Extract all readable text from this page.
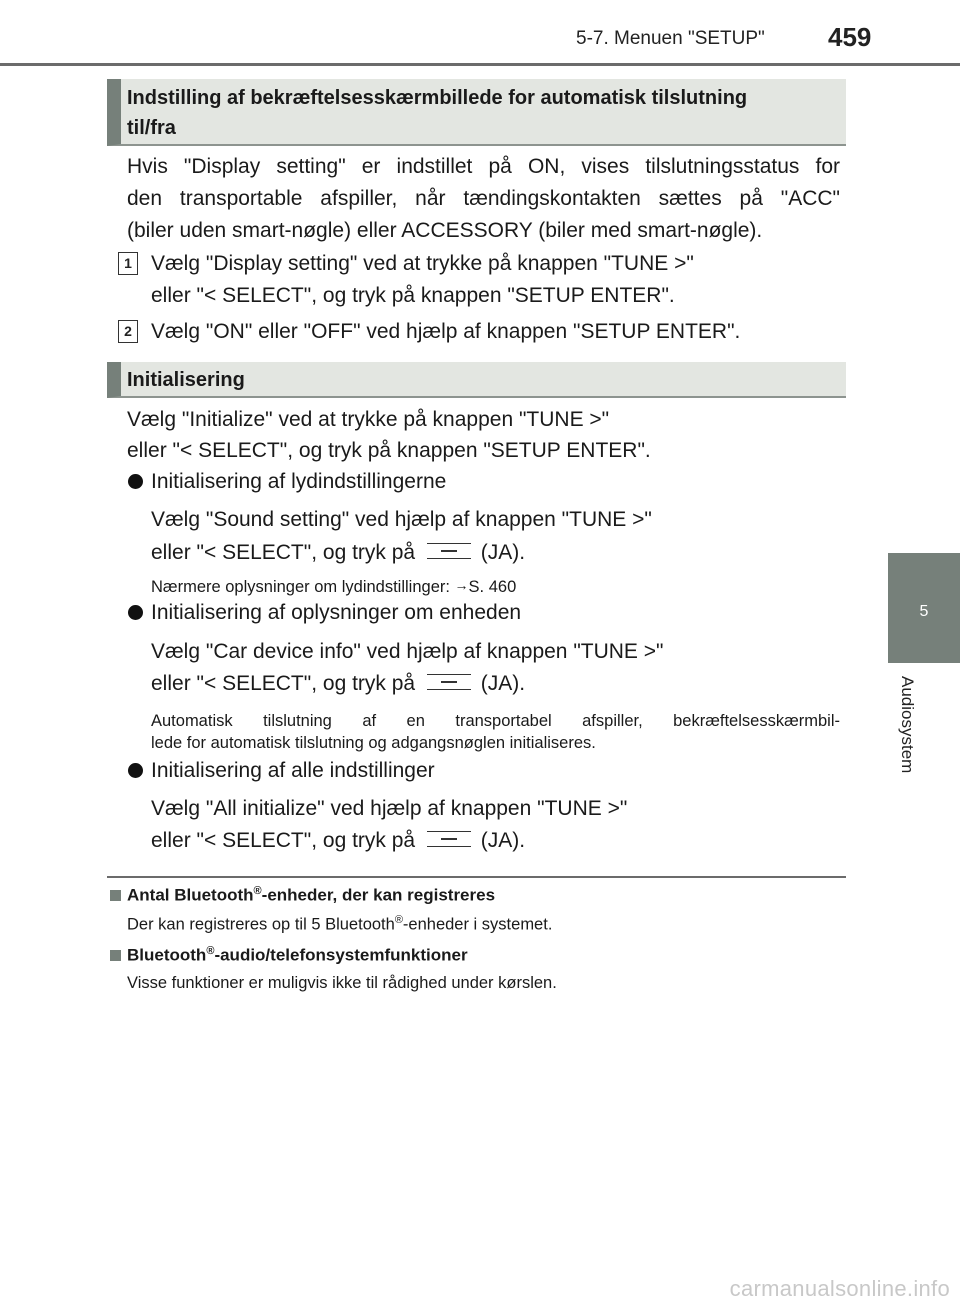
5-7. Menuen "SETUP" 459
5
Audiosystem
Indstilling af bekræftelsesskærmbillede for automatisk tilslutning
til/fra
Hvis "Display setting" er indstillet på ON, vises tilslutningsstatus for
den transportable afspiller, når tændingskontakten sættes på "ACC"
(biler uden smart-nøgle) eller ACCESSORY (biler med smart-nøgle).
1 Vælg "Display setting" ved at trykke på knappen "TUNE >"
eller "< SELECT", og tryk på knappen "SETUP ENTER".
2 Vælg "ON" eller "OFF" ved hjælp af knappen "SETUP ENTER".
Initialisering
Vælg "Initialize" ved at trykke på knappen "TUNE >"
eller "< SELECT", og tryk på knappen "SETUP ENTER".
Initialisering af lydindstillingerne
Vælg "Sound setting" ved hjælp af knappen "TUNE >"
eller "< SELECT", og tryk på	(JA).
Nærmere oplysninger om lydindstillinger: →S. 460
Initialisering af oplysninger om enheden
Vælg "Car device info" ved hjælp af knappen "TUNE >"
eller "< SELECT", og tryk på	(JA).
Automatisk tilslutning af en transportabel afspiller, bekræftelsesskærmbil-
lede for automatisk tilslutning og adgangsnøglen initialiseres.
Initialisering af alle indstillinger
Vælg "All initialize" ved hjælp af knappen "TUNE >"
eller "< SELECT", og tryk på	(JA).
Antal Bluetooth®-enheder, der kan registreres
Der kan registreres op til 5 Bluetooth®-enheder i systemet.
Bluetooth®-audio/telefonsystemfunktioner
Visse funktioner er muligvis ikke til rådighed under kørslen.
carmanualsonline.info
